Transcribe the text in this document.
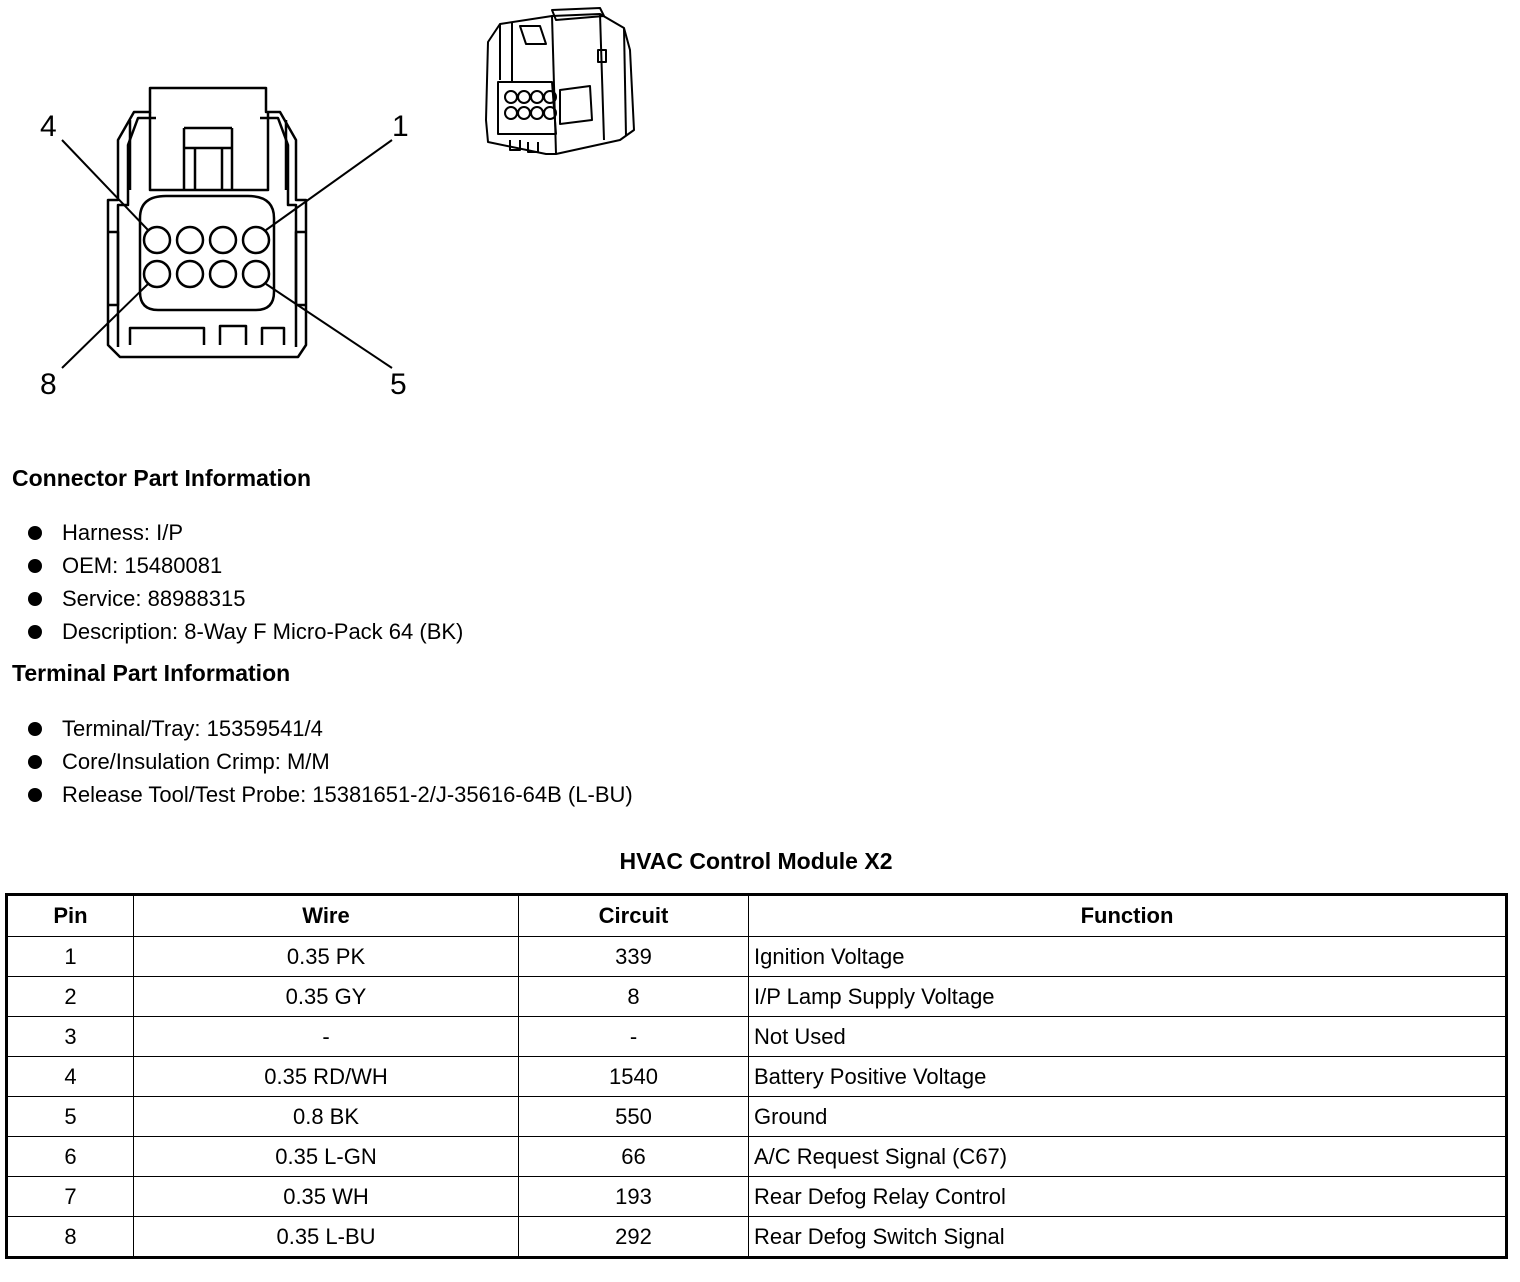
4	1
8	5
Connector Part Information
Harness: I/P
OEM: 15480081
Service: 88988315
Description: 8-Way F Micro-Pack 64 (BK)
Terminal Part Information
Terminal/Tray: 15359541/4
Core/Insulation Crimp: M/M
Release Tool/Test Probe: 15381651-2/J-35616-64B (L-BU)
HVAC Control Module X2
Pin	Wire	Circuit	Function
1	0.35 PK	339	Ignition Voltage
2	0.35 GY	8	I/P Lamp Supply Voltage
3	-	-	Not Used
4	0.35 RD/WH	1540	Battery Positive Voltage
5	0.8 BK	550	Ground
6	0.35 L-GN	66	A/C Request Signal (C67)
7	0.35 WH	193	Rear Defog Relay Control
8	0.35 L-BU	292	Rear Defog Switch Signal
